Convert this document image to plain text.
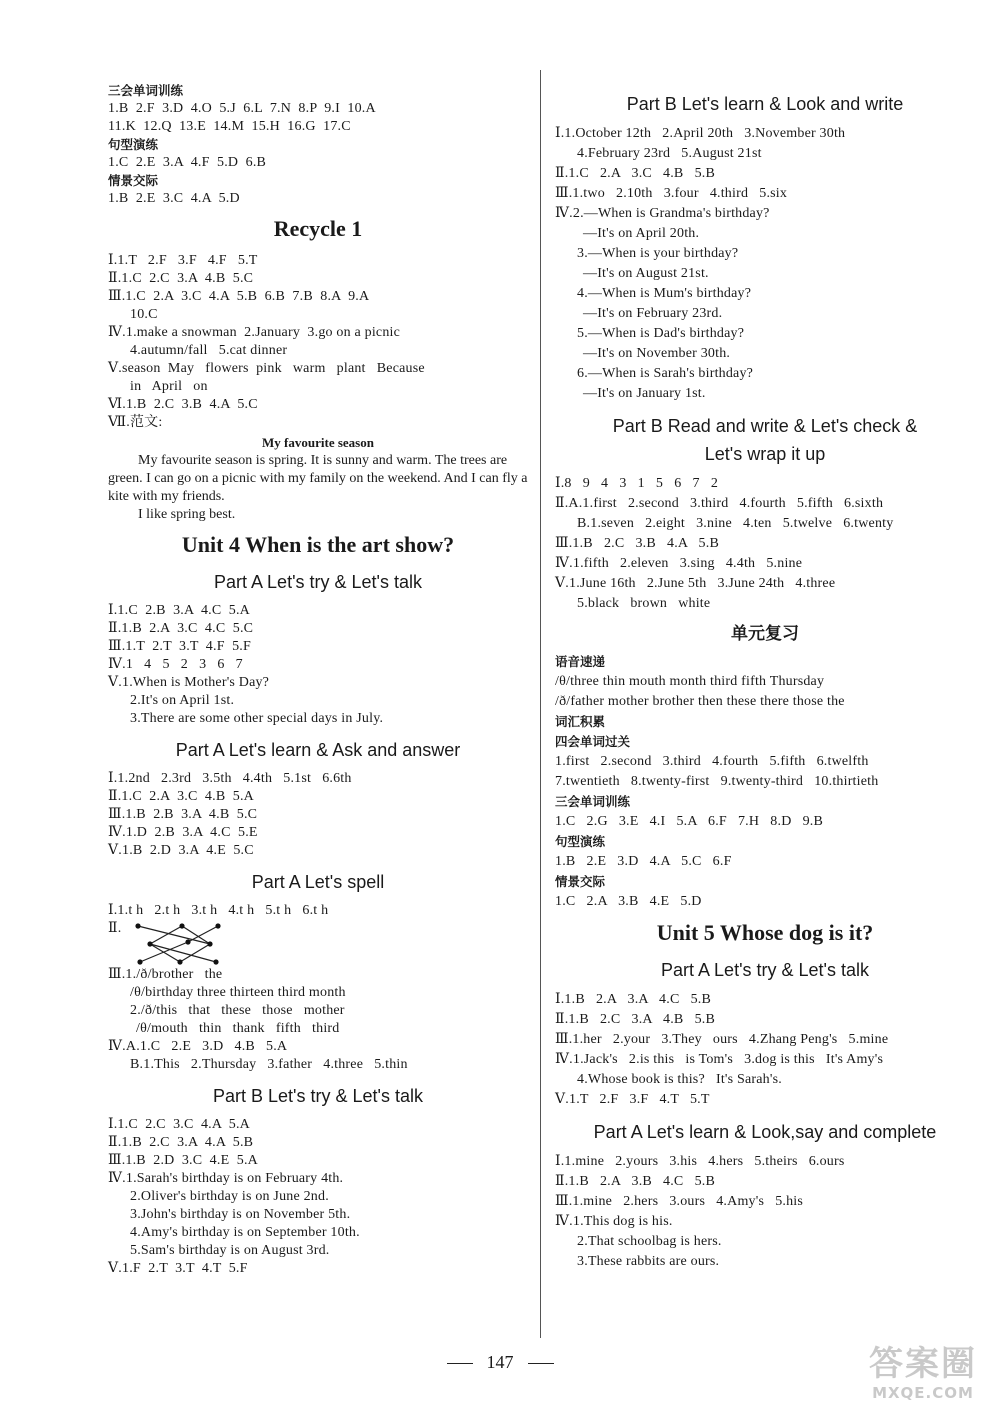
三会单词训练
1.B  2.F  3.D  4.O  5.J  6.L  7.N  8.P  9.I  10.A
11.K  12.Q  13.E  14.M  15.H  16.G  17.C
句型演练
1.C  2.E  3.A  4.F  5.D  6.B
情景交际
1.B  2.E  3.C  4.A  5.D
Recycle 1
Ⅰ.1.T   2.F   3.F   4.F   5.T
Ⅱ.1.C  2.C  3.A  4.B  5.C
Ⅲ.1.C  2.A  3.C  4.A  5.B  6.B  7.B  8.A  9.A
10.C
Ⅳ.1.make a snowman  2.January  3.go on a picnic
4.autumn/fall   5.cat dinner
Ⅴ.season  May   flowers  pink   warm   plant   Because
in   April   on
Ⅵ.1.B  2.C  3.B  4.A  5.C
Ⅶ.范文:
My favourite season
My favourite season is spring. It is sunny and warm. The trees are green. I can go on a picnic with my family on the weekend. And I can fly a kite with my friends.
I like spring best.
Unit 4 When is the art show?
Part A Let's try & Let's talk
Ⅰ.1.C  2.B  3.A  4.C  5.A
Ⅱ.1.B  2.A  3.C  4.C  5.C
Ⅲ.1.T  2.T  3.T  4.F  5.F
Ⅳ.1   4   5   2   3   6   7
Ⅴ.1.When is Mother's Day?
2.It's on April 1st.
3.There are some other special days in July.
Part A Let's learn & Ask and answer
Ⅰ.1.2nd   2.3rd   3.5th   4.4th   5.1st   6.6th
Ⅱ.1.C  2.A  3.C  4.B  5.A
Ⅲ.1.B  2.B  3.A  4.B  5.C
Ⅳ.1.D  2.B  3.A  4.C  5.E
Ⅴ.1.B  2.D  3.A  4.E  5.C
Part A Let's spell
Ⅰ.1.t h   2.t h   3.t h   4.t h   5.t h   6.t h
Ⅱ.
Ⅲ.1./ð/brother   the
/θ/birthday three thirteen third month
2./ð/this   that   these   those   mother
/θ/mouth   thin   thank   fifth   third
Ⅳ.A.1.C   2.E   3.D   4.B   5.A
B.1.This   2.Thursday   3.father   4.three   5.thin
Part B Let's try & Let's talk
Ⅰ.1.C  2.C  3.C  4.A  5.A
Ⅱ.1.B  2.C  3.A  4.A  5.B
Ⅲ.1.B  2.D  3.C  4.E  5.A
Ⅳ.1.Sarah's birthday is on February 4th.
2.Oliver's birthday is on June 2nd.
3.John's birthday is on November 5th.
4.Amy's birthday is on September 10th.
5.Sam's birthday is on August 3rd.
Ⅴ.1.F  2.T  3.T  4.T  5.F
Part B Let's learn & Look and write
Ⅰ.1.October 12th   2.April 20th   3.November 30th
4.February 23rd   5.August 21st
Ⅱ.1.C   2.A   3.C   4.B   5.B
Ⅲ.1.two   2.10th   3.four   4.third   5.six
Ⅳ.2.—When is Grandma's birthday?
—It's on April 20th.
3.—When is your birthday?
—It's on August 21st.
4.—When is Mum's birthday?
—It's on February 23rd.
5.—When is Dad's birthday?
—It's on November 30th.
6.—When is Sarah's birthday?
—It's on January 1st.
Part B Read and write & Let's check &
Let's wrap it up
Ⅰ.8   9   4   3   1   5   6   7   2
Ⅱ.A.1.first   2.second   3.third   4.fourth   5.fifth   6.sixth
B.1.seven   2.eight   3.nine   4.ten   5.twelve   6.twenty
Ⅲ.1.B   2.C   3.B   4.A   5.B
Ⅳ.1.fifth   2.eleven   3.sing   4.4th   5.nine
Ⅴ.1.June 16th   2.June 5th   3.June 24th   4.three
5.black   brown   white
单元复习
语音速递
/θ/three thin mouth month third fifth Thursday
/ð/father mother brother then these there those the
词汇积累
四会单词过关
1.first   2.second   3.third   4.fourth   5.fifth   6.twelfth
7.twentieth   8.twenty-first   9.twenty-third   10.thirtieth
三会单词训练
1.C   2.G   3.E   4.I   5.A   6.F   7.H   8.D   9.B
句型演练
1.B   2.E   3.D   4.A   5.C   6.F
情景交际
1.C   2.A   3.B   4.E   5.D
Unit 5 Whose dog is it?
Part A Let's try & Let's talk
Ⅰ.1.B   2.A   3.A   4.C   5.B
Ⅱ.1.B   2.C   3.A   4.B   5.B
Ⅲ.1.her   2.your   3.They   ours   4.Zhang Peng's   5.mine
Ⅳ.1.Jack's   2.is this   is Tom's   3.dog is this   It's Amy's
4.Whose book is this?   It's Sarah's.
Ⅴ.1.T   2.F   3.F   4.T   5.T
Part A Let's learn & Look,say and complete
Ⅰ.1.mine   2.yours   3.his   4.hers   5.theirs   6.ours
Ⅱ.1.B   2.A   3.B   4.C   5.B
Ⅲ.1.mine   2.hers   3.ours   4.Amy's   5.his
Ⅳ.1.This dog is his.
2.That schoolbag is hers.
3.These rabbits are ours.
147	答案圈
MXQE.COM
